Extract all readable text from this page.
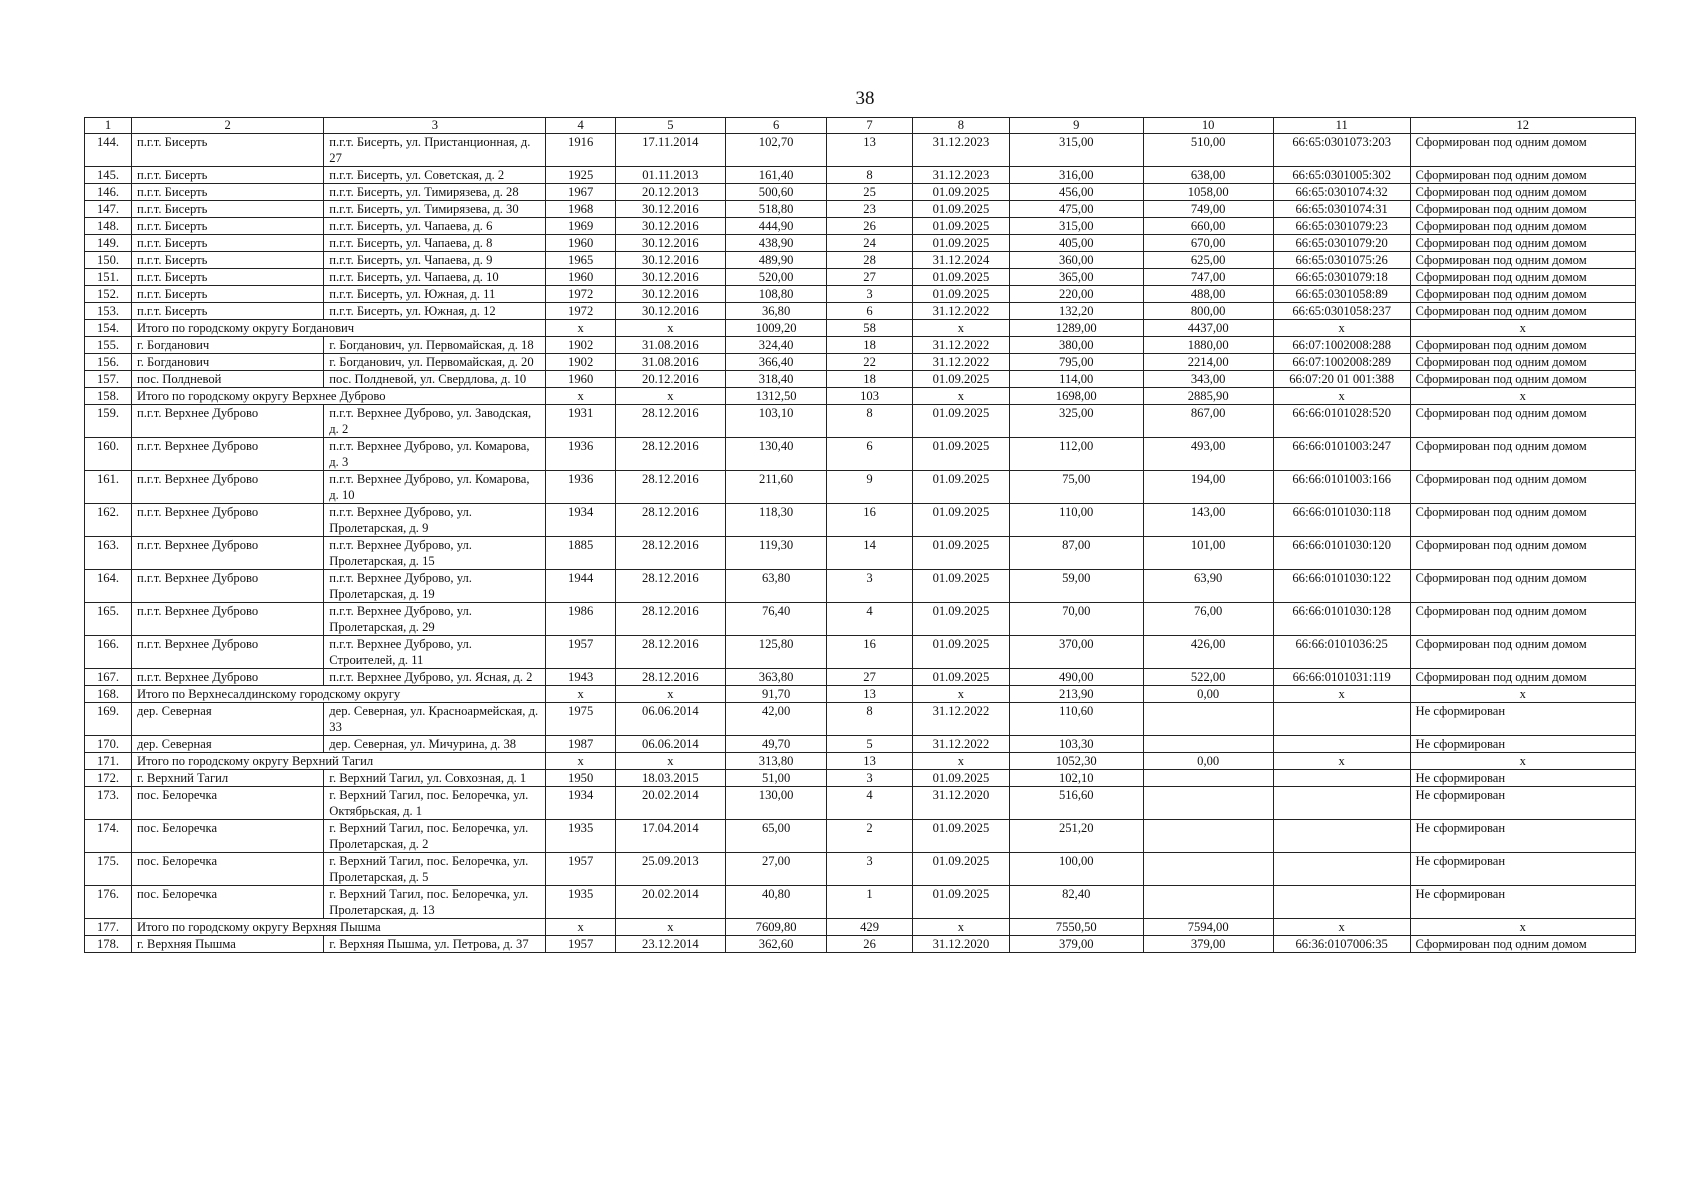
38
1	2	3	4	5	6	7	8	9	10	11	12
144.	п.г.т. Бисерть	п.г.т. Бисерть, ул. Пристанционная, д. 27	1916	17.11.2014	102,70	13	31.12.2023	315,00	510,00	66:65:0301073:203	Сформирован под одним домом
145.	п.г.т. Бисерть	п.г.т. Бисерть, ул. Советская, д. 2	1925	01.11.2013	161,40	8	31.12.2023	316,00	638,00	66:65:0301005:302	Сформирован под одним домом
146.	п.г.т. Бисерть	п.г.т. Бисерть, ул. Тимирязева, д. 28	1967	20.12.2013	500,60	25	01.09.2025	456,00	1058,00	66:65:0301074:32	Сформирован под одним домом
147.	п.г.т. Бисерть	п.г.т. Бисерть, ул. Тимирязева, д. 30	1968	30.12.2016	518,80	23	01.09.2025	475,00	749,00	66:65:0301074:31	Сформирован под одним домом
148.	п.г.т. Бисерть	п.г.т. Бисерть, ул. Чапаева, д. 6	1969	30.12.2016	444,90	26	01.09.2025	315,00	660,00	66:65:0301079:23	Сформирован под одним домом
149.	п.г.т. Бисерть	п.г.т. Бисерть, ул. Чапаева, д. 8	1960	30.12.2016	438,90	24	01.09.2025	405,00	670,00	66:65:0301079:20	Сформирован под одним домом
150.	п.г.т. Бисерть	п.г.т. Бисерть, ул. Чапаева, д. 9	1965	30.12.2016	489,90	28	31.12.2024	360,00	625,00	66:65:0301075:26	Сформирован под одним домом
151.	п.г.т. Бисерть	п.г.т. Бисерть, ул. Чапаева, д. 10	1960	30.12.2016	520,00	27	01.09.2025	365,00	747,00	66:65:0301079:18	Сформирован под одним домом
152.	п.г.т. Бисерть	п.г.т. Бисерть, ул. Южная, д. 11	1972	30.12.2016	108,80	3	01.09.2025	220,00	488,00	66:65:0301058:89	Сформирован под одним домом
153.	п.г.т. Бисерть	п.г.т. Бисерть, ул. Южная, д. 12	1972	30.12.2016	36,80	6	31.12.2022	132,20	800,00	66:65:0301058:237	Сформирован под одним домом
154.	Итого по городскому округу Богданович		x	x	1009,20	58	x	1289,00	4437,00	x	x
155.	г. Богданович	г. Богданович, ул. Первомайская, д. 18	1902	31.08.2016	324,40	18	31.12.2022	380,00	1880,00	66:07:1002008:288	Сформирован под одним домом
156.	г. Богданович	г. Богданович, ул. Первомайская, д. 20	1902	31.08.2016	366,40	22	31.12.2022	795,00	2214,00	66:07:1002008:289	Сформирован под одним домом
157.	пос. Полдневой	пос. Полдневой, ул. Свердлова, д. 10	1960	20.12.2016	318,40	18	01.09.2025	114,00	343,00	66:07:20 01 001:388	Сформирован под одним домом
158.	Итого по городскому округу Верхнее Дуброво		x	x	1312,50	103	x	1698,00	2885,90	x	x
159.	п.г.т. Верхнее Дуброво	п.г.т. Верхнее Дуброво, ул. Заводская, д. 2	1931	28.12.2016	103,10	8	01.09.2025	325,00	867,00	66:66:0101028:520	Сформирован под одним домом
160.	п.г.т. Верхнее Дуброво	п.г.т. Верхнее Дуброво, ул. Комарова, д. 3	1936	28.12.2016	130,40	6	01.09.2025	112,00	493,00	66:66:0101003:247	Сформирован под одним домом
161.	п.г.т. Верхнее Дуброво	п.г.т. Верхнее Дуброво, ул. Комарова, д. 10	1936	28.12.2016	211,60	9	01.09.2025	75,00	194,00	66:66:0101003:166	Сформирован под одним домом
162.	п.г.т. Верхнее Дуброво	п.г.т. Верхнее Дуброво, ул. Пролетарская, д. 9	1934	28.12.2016	118,30	16	01.09.2025	110,00	143,00	66:66:0101030:118	Сформирован под одним домом
163.	п.г.т. Верхнее Дуброво	п.г.т. Верхнее Дуброво, ул. Пролетарская, д. 15	1885	28.12.2016	119,30	14	01.09.2025	87,00	101,00	66:66:0101030:120	Сформирован под одним домом
164.	п.г.т. Верхнее Дуброво	п.г.т. Верхнее Дуброво, ул. Пролетарская, д. 19	1944	28.12.2016	63,80	3	01.09.2025	59,00	63,90	66:66:0101030:122	Сформирован под одним домом
165.	п.г.т. Верхнее Дуброво	п.г.т. Верхнее Дуброво, ул. Пролетарская, д. 29	1986	28.12.2016	76,40	4	01.09.2025	70,00	76,00	66:66:0101030:128	Сформирован под одним домом
166.	п.г.т. Верхнее Дуброво	п.г.т. Верхнее Дуброво, ул. Строителей, д. 11	1957	28.12.2016	125,80	16	01.09.2025	370,00	426,00	66:66:0101036:25	Сформирован под одним домом
167.	п.г.т. Верхнее Дуброво	п.г.т. Верхнее Дуброво, ул. Ясная, д. 2	1943	28.12.2016	363,80	27	01.09.2025	490,00	522,00	66:66:0101031:119	Сформирован под одним домом
168.	Итого по Верхнесалдинскому городскому округу		x	x	91,70	13	x	213,90	0,00	x	x
169.	дер. Северная	дер. Северная, ул. Красноармейская, д. 33	1975	06.06.2014	42,00	8	31.12.2022	110,60			Не сформирован
170.	дер. Северная	дер. Северная, ул. Мичурина, д. 38	1987	06.06.2014	49,70	5	31.12.2022	103,30			Не сформирован
171.	Итого по городскому округу Верхний Тагил		x	x	313,80	13	x	1052,30	0,00	x	x
172.	г. Верхний Тагил	г. Верхний Тагил, ул. Совхозная, д. 1	1950	18.03.2015	51,00	3	01.09.2025	102,10			Не сформирован
173.	пос. Белоречка	г. Верхний Тагил, пос. Белоречка, ул. Октябрьская, д. 1	1934	20.02.2014	130,00	4	31.12.2020	516,60			Не сформирован
174.	пос. Белоречка	г. Верхний Тагил, пос. Белоречка, ул. Пролетарская, д. 2	1935	17.04.2014	65,00	2	01.09.2025	251,20			Не сформирован
175.	пос. Белоречка	г. Верхний Тагил, пос. Белоречка, ул. Пролетарская, д. 5	1957	25.09.2013	27,00	3	01.09.2025	100,00			Не сформирован
176.	пос. Белоречка	г. Верхний Тагил, пос. Белоречка, ул. Пролетарская, д. 13	1935	20.02.2014	40,80	1	01.09.2025	82,40			Не сформирован
177.	Итого по городскому округу Верхняя Пышма		x	x	7609,80	429	x	7550,50	7594,00	x	x
178.	г. Верхняя Пышма	г. Верхняя Пышма, ул. Петрова, д. 37	1957	23.12.2014	362,60	26	31.12.2020	379,00	379,00	66:36:0107006:35	Сформирован под одним домом
